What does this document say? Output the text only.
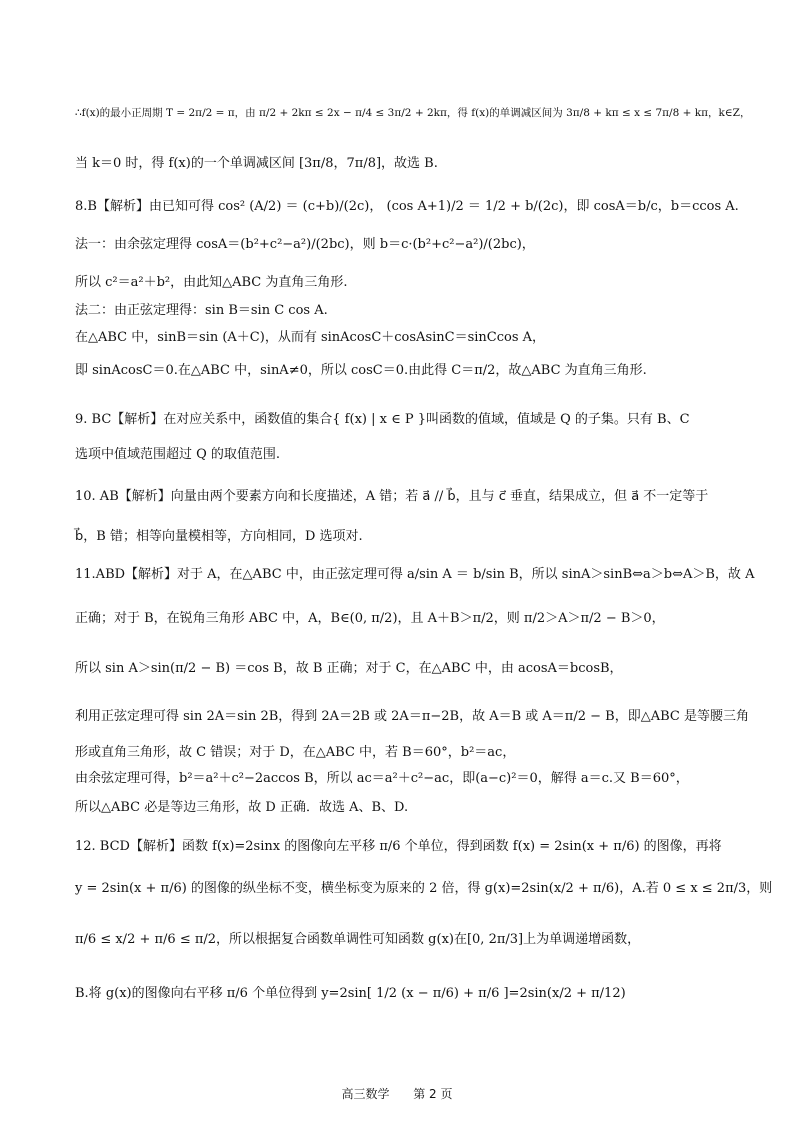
∴f(x)的最小正周期 T = 2π/2 = π，由 π/2 + 2kπ ≤ 2x − π/4 ≤ 3π/2 + 2kπ，得 f(x)的单调减区间为 3π/8 + kπ ≤ x ≤ 7π/8 + kπ，k∈Z，
当 k＝0 时，得 f(x)的一个单调减区间 [3π/8，7π/8]，故选 B.
8.B【解析】由已知可得 cos² (A/2) ＝ (c+b)/(2c)， (cos A+1)/2 ＝ 1/2 + b/(2c)，即 cosA＝b/c，b＝ccos A.
法一：由余弦定理得 cosA＝(b²+c²−a²)/(2bc)，则 b＝c·(b²+c²−a²)/(2bc)，
所以 c²＝a²＋b²，由此知△ABC 为直角三角形.
法二：由正弦定理得：sin B＝sin C cos A.
在△ABC 中，sinB＝sin (A＋C)，从而有 sinAcosC＋cosAsinC＝sinCcos A，
即 sinAcosC＝0.在△ABC 中，sinA≠0，所以 cosC＝0.由此得 C＝π/2，故△ABC 为直角三角形.
9. BC【解析】在对应关系中，函数值的集合{ f(x) | x ∈ P }叫函数的值域，值域是 Q 的子集。只有 B、C
选项中值域范围超过 Q 的取值范围.
10. AB【解析】向量由两个要素方向和长度描述，A 错；若 a⃗ // b⃗，且与 c⃗ 垂直，结果成立，但 a⃗ 不一定等于
b⃗，B 错；相等向量模相等，方向相同，D 选项对.
11.ABD【解析】对于 A，在△ABC 中，由正弦定理可得 a/sin A ＝ b/sin B，所以 sinA＞sinB⇔a＞b⇔A＞B，故 A
正确；对于 B，在锐角三角形 ABC 中，A，B∈(0, π/2)，且 A＋B＞π/2，则 π/2＞A＞π/2 − B＞0，
所以 sin A＞sin(π/2 − B) ＝cos B，故 B 正确；对于 C，在△ABC 中，由 acosA＝bcosB，
利用正弦定理可得 sin 2A＝sin 2B，得到 2A＝2B 或 2A＝π−2B，故 A＝B 或 A＝π/2 − B，即△ABC 是等腰三角
形或直角三角形，故 C 错误；对于 D，在△ABC 中，若 B＝60°，b²＝ac，
由余弦定理可得，b²＝a²＋c²−2accos B，所以 ac＝a²＋c²−ac，即(a−c)²＝0，解得 a＝c.又 B＝60°，
所以△ABC 必是等边三角形，故 D 正确．故选 A、B、D.
12. BCD【解析】函数 f(x)=2sinx 的图像向左平移 π/6 个单位，得到函数 f(x) = 2sin(x + π/6) 的图像，再将
y = 2sin(x + π/6) 的图像的纵坐标不变，横坐标变为原来的 2 倍，得 g(x)=2sin(x/2 + π/6)，A.若 0 ≤ x ≤ 2π/3，则
π/6 ≤ x/2 + π/6 ≤ π/2，所以根据复合函数单调性可知函数 g(x)在[0, 2π/3]上为单调递增函数，
B.将 g(x)的图像向右平移 π/6 个单位得到 y=2sin[ 1/2 (x − π/6) + π/6 ]=2sin(x/2 + π/12)
高三数学 第 2 页
